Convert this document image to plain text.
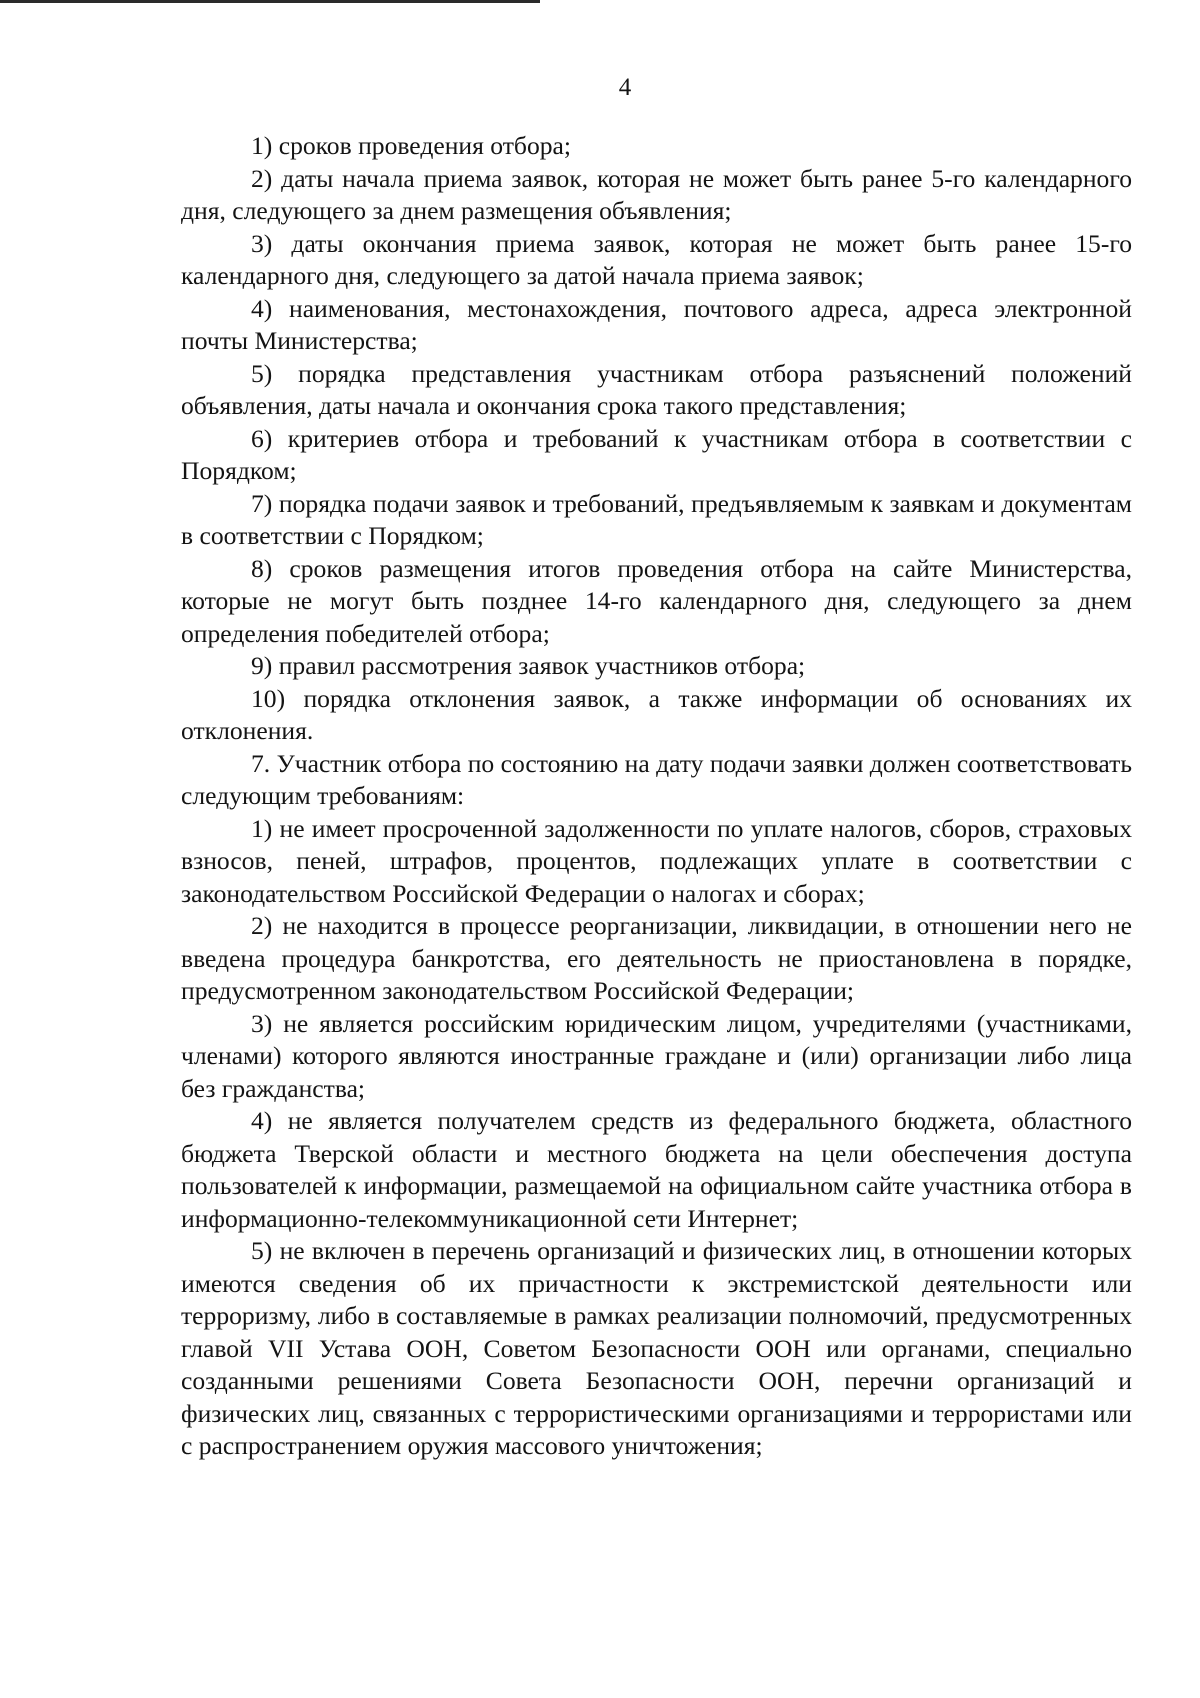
4

1) сроков проведения отбора;

2) даты начала приема заявок, которая не может быть ранее 5-го календарного дня, следующего за днем размещения объявления;

3) даты окончания приема заявок, которая не может быть ранее 15-го календарного дня, следующего за датой начала приема заявок;

4) наименования, местонахождения, почтового адреса, адреса электронной почты Министерства;

5) порядка представления участникам отбора разъяснений положений объявления, даты начала и окончания срока такого представления;

6) критериев отбора и требований к участникам отбора в соответствии с Порядком;

7) порядка подачи заявок и требований, предъявляемым к заявкам и документам в соответствии с Порядком;

8) сроков размещения итогов проведения отбора на сайте Министерства, которые не могут быть позднее 14-го календарного дня, следующего за днем определения победителей отбора;

9) правил рассмотрения заявок участников отбора;

10) порядка отклонения заявок, а также информации об основаниях их отклонения.

7. Участник отбора по состоянию на дату подачи заявки должен соответствовать следующим требованиям:

1) не имеет просроченной задолженности по уплате налогов, сборов, страховых взносов, пеней, штрафов, процентов, подлежащих уплате в соответствии с законодательством Российской Федерации о налогах и сборах;

2) не находится в процессе реорганизации, ликвидации, в отношении него не введена процедура банкротства, его деятельность не приостановлена в порядке, предусмотренном законодательством Российской Федерации;

3) не является российским юридическим лицом, учредителями (участниками, членами) которого являются иностранные граждане и (или) организации либо лица без гражданства;

4) не является получателем средств из федерального бюджета, областного бюджета Тверской области и местного бюджета на цели обеспечения доступа пользователей к информации, размещаемой на официальном сайте участника отбора в информационно-телекоммуникационной сети Интернет;

5) не включен в перечень организаций и физических лиц, в отношении которых имеются сведения об их причастности к экстремистской деятельности или терроризму, либо в составляемые в рамках реализации полномочий, предусмотренных главой VII Устава ООН, Советом Безопасности ООН или органами, специально созданными решениями Совета Безопасности ООН, перечни организаций и физических лиц, связанных с террористическими организациями и террористами или с распространением оружия массового уничтожения;
